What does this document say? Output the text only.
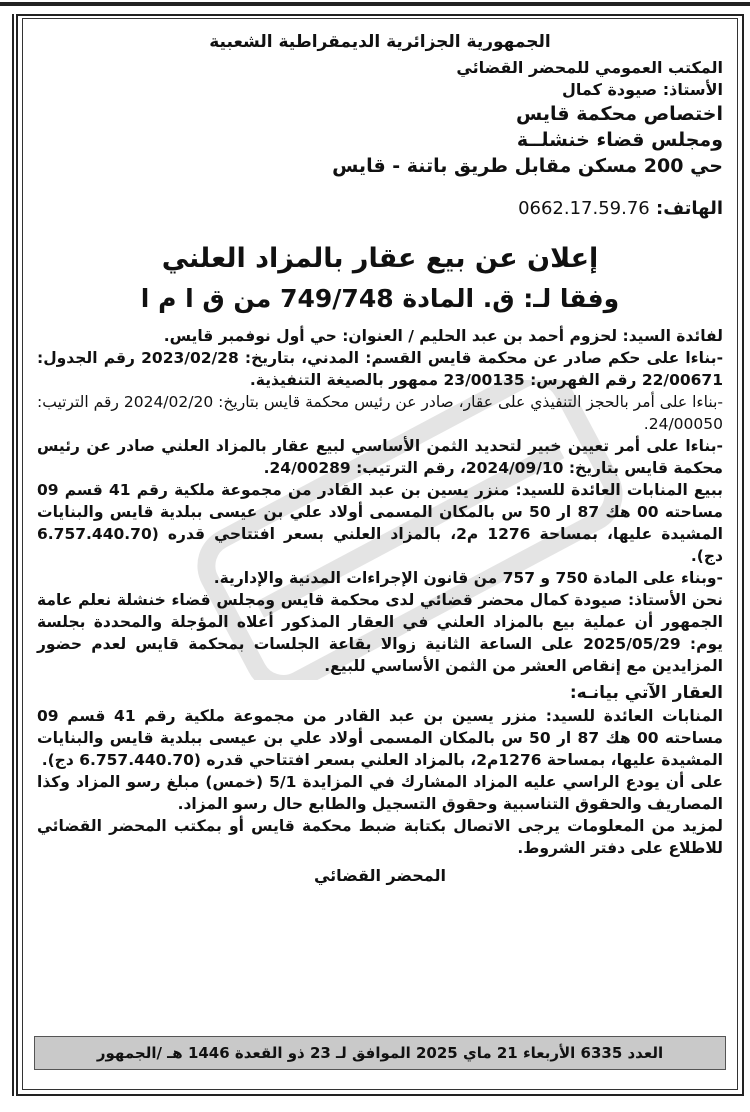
الجمهورية الجزائرية الديمقراطية الشعبية

المكتب العمومي للمحضر القضائي

الأستاذ: صيودة كمال

اختصاص محكمة قايس

ومجلس قضاء خنشلــة

حي 200 مسكن مقابل طريق باتنة - قايس

الهاتف: 0662.17.59.76

إعلان عن بيع عقار بالمزاد العلني
وفقا لـ: ق. المادة 749/748 من ق ا م ا

لفائدة السيد: لحزوم أحمد بن عبد الحليم / العنوان: حي أول نوفمبر قايس.

-بناءا على حكم صادر عن محكمة قايس القسم: المدني، بتاريخ: 2023/02/28 رقم الجدول: 22/00671 رقم الفهرس: 23/00135 ممهور بالصيغة التنفيذية.

-بناءا على أمر بالحجز التنفيذي على عقار، صادر عن رئيس محكمة قايس بتاريخ: 2024/02/20 رقم الترتيب: 24/00050.

-بناءا على أمر تعيين خبير لتحديد الثمن الأساسي لبيع عقار بالمزاد العلني صادر عن رئيس محكمة قايس بتاريخ: 2024/09/10، رقم الترتيب: 24/00289.

ببيع المنابات العائدة للسيد: منزر يسين بن عبد القادر من مجموعة ملكية رقم 41 قسم 09 مساحته 00 هك 87 ار 50 س بالمكان المسمى أولاد علي بن عيسى ببلدية قايس والبنايات المشيدة عليها، بمساحة 1276 م2، بالمزاد العلني بسعر افتتاحي قدره (6.757.440.70 دج).

-وبناء على المادة 750 و 757 من قانون الإجراءات المدنية والإدارية.

نحن الأستاذ: صيودة كمال محضر قضائي لدى محكمة قايس ومجلس قضاء خنشلة نعلم عامة الجمهور أن عملية بيع بالمزاد العلني في العقار المذكور أعلاه المؤجلة والمحددة بجلسة يوم: 2025/05/29 على الساعة الثانية زوالا بقاعة الجلسات بمحكمة قايس لعدم حضور المزايدين مع إنقاص العشر من الثمن الأساسي للبيع.

العقار الآتي بيانـه:

المنابات العائدة للسيد: منزر يسين بن عبد القادر من مجموعة ملكية رقم 41 قسم 09 مساحته 00 هك 87 ار 50 س بالمكان المسمى أولاد علي بن عيسى ببلدية قايس والبنايات المشيدة عليها، بمساحة 1276م2، بالمزاد العلني بسعر افتتاحي قدره (6.757.440.70 دج).

على أن يودع الراسي عليه المزاد المشارك في المزايدة 5/1 (خمس) مبلغ رسو المزاد وكذا المصاريف والحقوق التناسبية وحقوق التسجيل والطابع حال رسو المزاد.

لمزيد من المعلومات يرجى الاتصال بكتابة ضبط محكمة قايس أو بمكتب المحضر القضائي للاطلاع على دفتر الشروط.

المحضر القضائي
العدد 6335 الأربعاء 21 ماي 2025 الموافق لـ 23 ذو القعدة 1446 هـ /الجمهور
